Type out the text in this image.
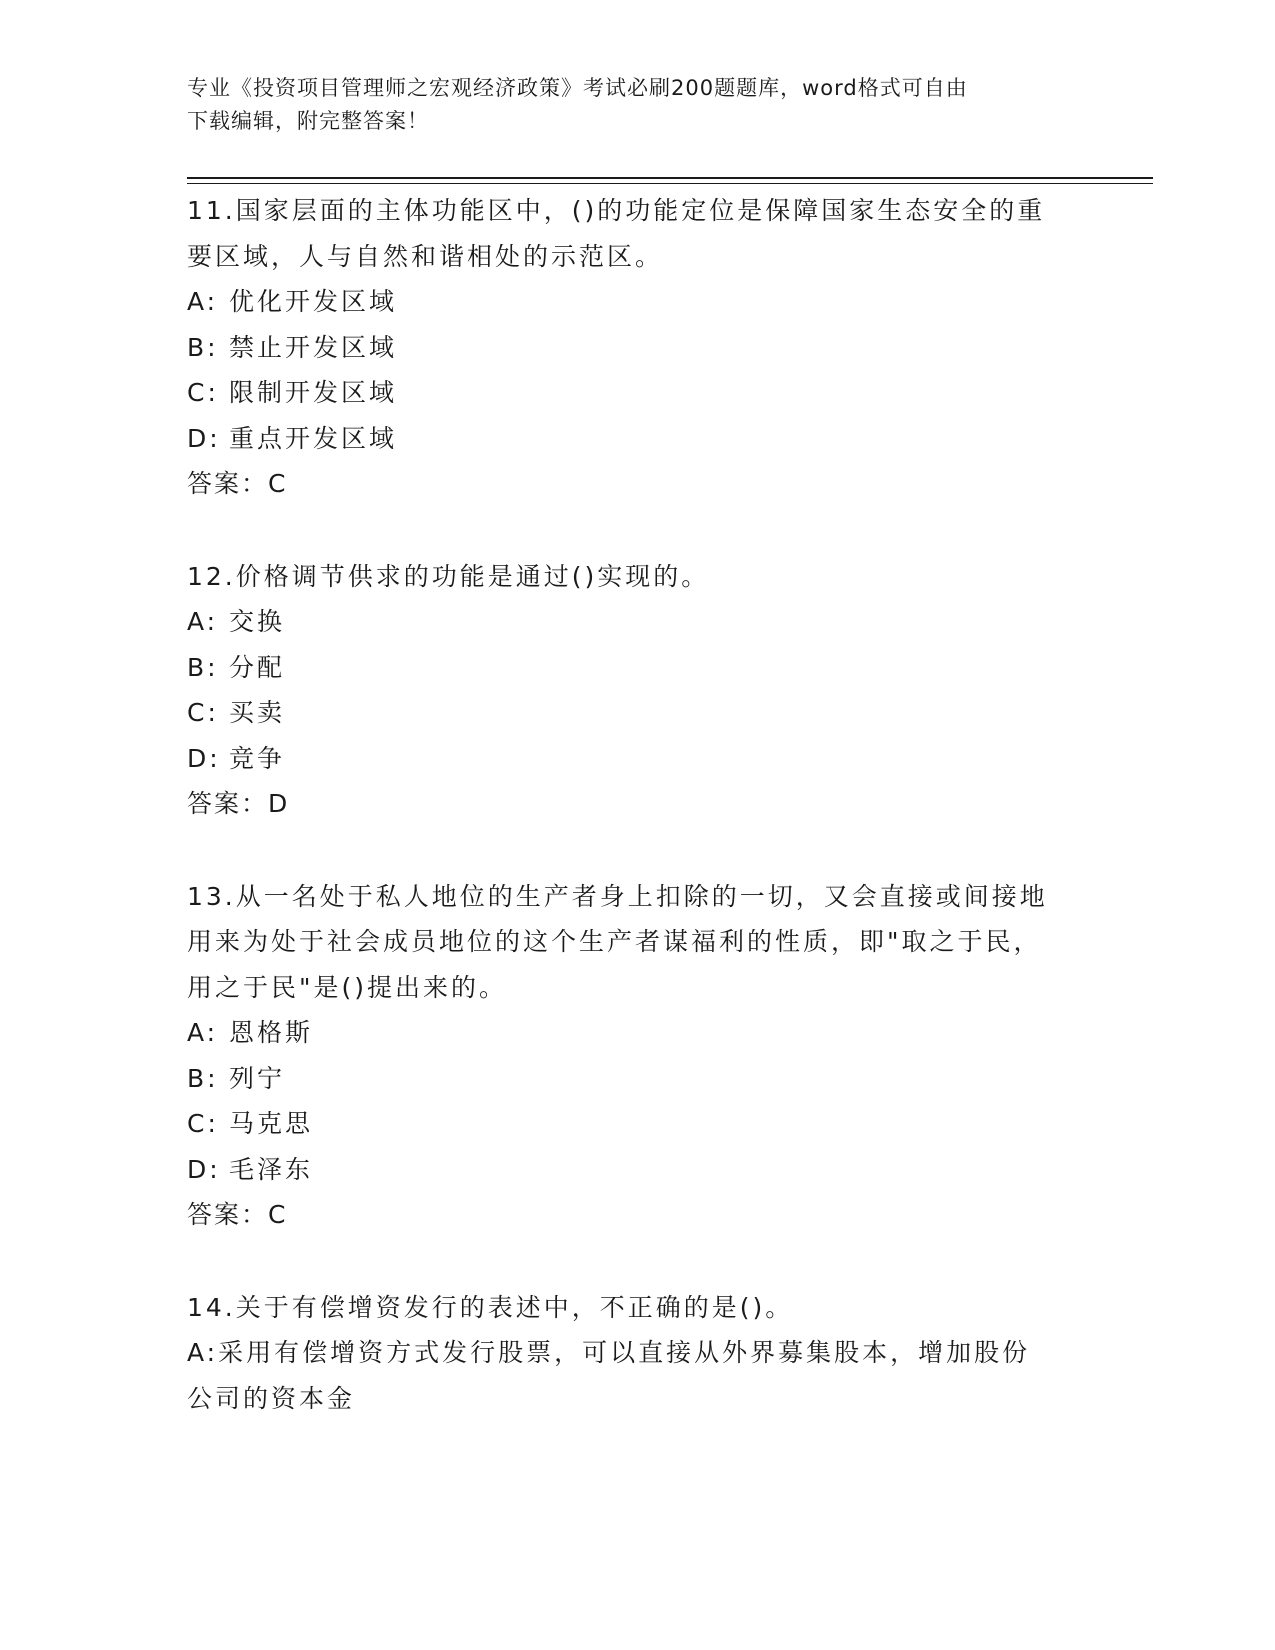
专业《投资项目管理师之宏观经济政策》考试必刷200题题库，word格式可自由
下载编辑，附完整答案！
11.国家层面的主体功能区中，()的功能定位是保障国家生态安全的重
要区域，人与自然和谐相处的示范区。
A: 优化开发区域
B: 禁止开发区域
C: 限制开发区域
D: 重点开发区域
答案：C
12.价格调节供求的功能是通过()实现的。
A: 交换
B: 分配
C: 买卖
D: 竞争
答案：D
13.从一名处于私人地位的生产者身上扣除的一切，又会直接或间接地
用来为处于社会成员地位的这个生产者谋福利的性质，即"取之于民，
用之于民"是()提出来的。
A: 恩格斯
B: 列宁
C: 马克思
D: 毛泽东
答案：C
14.关于有偿增资发行的表述中，不正确的是()。
A:采用有偿增资方式发行股票，可以直接从外界募集股本，增加股份
公司的资本金
